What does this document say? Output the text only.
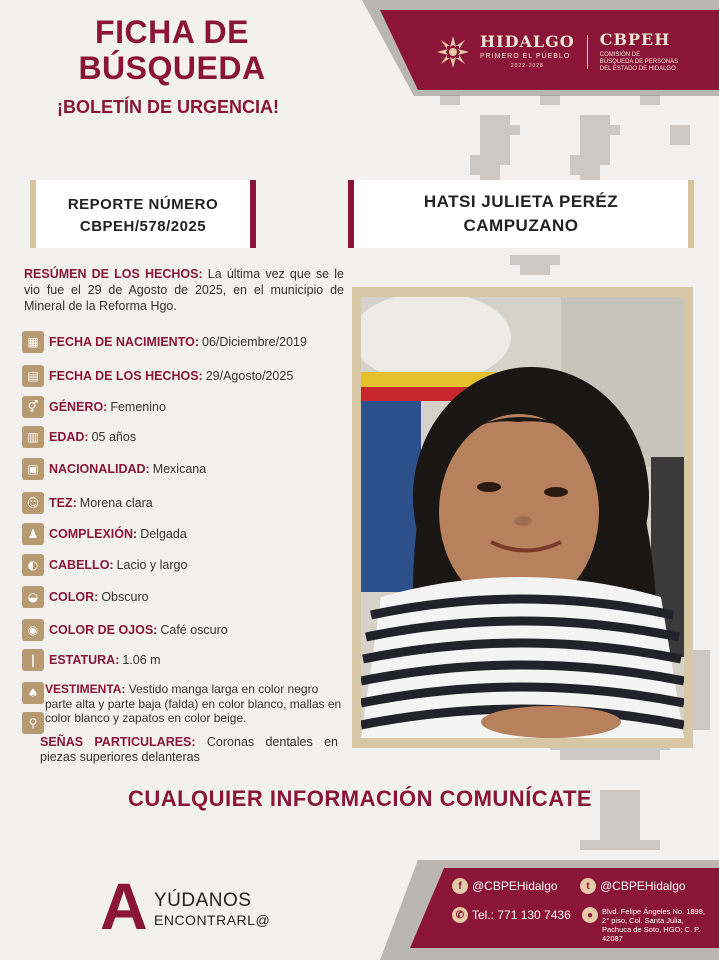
HIDALGO
PRIMERO EL PUEBLO
2022-2028
CBPEH
COMISIÓN DE
BÚSQUEDA DE PERSONAS
DEL ESTADO DE HIDALGO
FICHA DE
BÚSQUEDA
¡BOLETÍN DE URGENCIA!
REPORTE NÚMERO
CBPEH/578/2025
HATSI JULIETA PERÉZ
CAMPUZANO
RESÚMEN DE LOS HECHOS: La última vez que se le vio fue el 29 de Agosto de 2025, en el municipio de Mineral de la Reforma Hgo.
▦ FECHA DE NACIMIENTO: 06/Diciembre/2019
▤ FECHA DE LOS HECHOS: 29/Agosto/2025
⚥ GÉNERO: Femenino
▥ EDAD: 05 años
▣ NACIONALIDAD: Mexicana
☺ TEZ: Morena clara
♟ COMPLEXIÓN: Delgada
◐ CABELLO: Lacio y largo
◒ COLOR: Obscuro
◉ COLOR DE OJOS: Café oscuro
|	ESTATURA: 1.06 m
♠
⚲
VESTIMENTA: Vestido manga larga en color negro parte alta y parte baja (falda) en color blanco, mallas en color blanco y zapatos en color beige.
SEÑAS PARTICULARES: Coronas dentales en piezas superiores delanteras
CUALQUIER INFORMACIÓN COMUNÍCATE
A YÚDANOS
ENCONTRARL@
f @CBPEHidalgo	t @CBPEHidalgo
✆ Tel.: 771 130 7436	●	Blvd. Felipe Ángeles No. 1898, 2° piso, Col. Santa Julia, Pachuca de Soto, HGO; C. P. 42087
